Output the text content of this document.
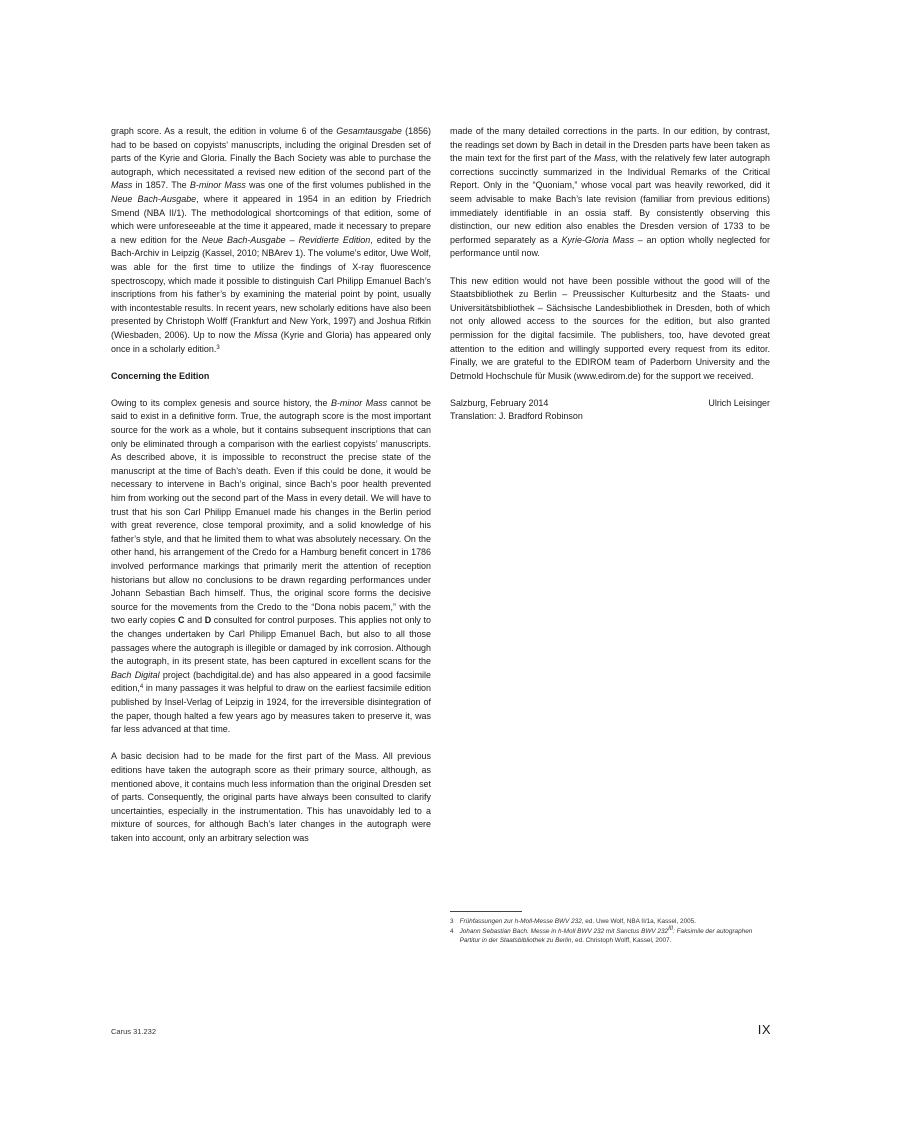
graph score. As a result, the edition in volume 6 of the Gesamtausgabe (1856) had to be based on copyists’ manuscripts, including the original Dresden set of parts of the Kyrie and Gloria. Finally the Bach Society was able to purchase the autograph, which necessitated a revised new edition of the second part of the Mass in 1857. The B-minor Mass was one of the first volumes published in the Neue Bach-Ausgabe, where it appeared in 1954 in an edition by Friedrich Smend (NBA II/1). The methodological shortcomings of that edition, some of which were unforeseeable at the time it appeared, made it necessary to prepare a new edition for the Neue Bach-Ausgabe – Revidierte Edition, edited by the Bach-Archiv in Leipzig (Kassel, 2010; NBArev 1). The volume’s editor, Uwe Wolf, was able for the first time to utilize the findings of X-ray fluorescence spectroscopy, which made it possible to distinguish Carl Philipp Emanuel Bach’s inscriptions from his father’s by examining the material point by point, usually with incontestable results. In recent years, new scholarly editions have also been presented by Christoph Wolff (Frankfurt and New York, 1997) and Joshua Rifkin (Wiesbaden, 2006). Up to now the Missa (Kyrie and Gloria) has appeared only once in a scholarly edition.$^3$

Concerning the Edition

Owing to its complex genesis and source history, the B-minor Mass cannot be said to exist in a definitive form. True, the autograph score is the most important source for the work as a whole, but it contains subsequent inscriptions that can only be eliminated through a comparison with the earliest copyists’ manuscripts. As described above, it is impossible to reconstruct the precise state of the manuscript at the time of Bach’s death. Even if this could be done, it would be necessary to intervene in Bach’s original, since Bach’s poor health prevented him from working out the second part of the Mass in every detail. We will have to trust that his son Carl Philipp Emanuel made his changes in the Berlin period with great reverence, close temporal proximity, and a solid knowledge of his father’s style, and that he limited them to what was absolutely necessary. On the other hand, his arrangement of the Credo for a Hamburg benefit concert in 1786 involved performance markings that primarily merit the attention of reception historians but allow no conclusions to be drawn regarding performances under Johann Sebastian Bach himself. Thus, the original score forms the decisive source for the movements from the Credo to the “Dona nobis pacem,” with the two early copies C and D consulted for control purposes. This applies not only to the changes undertaken by Carl Philipp Emanuel Bach, but also to all those passages where the autograph is illegible or damaged by ink corrosion. Although the autograph, in its present state, has been captured in excellent scans for the Bach Digital project (bachdigital.de) and has also appeared in a good facsimile edition,$^4$ in many passages it was helpful to draw on the earliest facsimile edition published by Insel-Verlag of Leipzig in 1924, for the irreversible disintegration of the paper, though halted a few years ago by measures taken to preserve it, was far less advanced at that time.

A basic decision had to be made for the first part of the Mass. All previous editions have taken the autograph score as their primary source, although, as mentioned above, it contains much less information than the original Dresden set of parts. Consequently, the original parts have always been consulted to clarify uncertainties, especially in the instrumentation. This has unavoidably led to a mixture of sources, for although Bach’s later changes in the autograph were taken into account, only an arbitrary selection was

made of the many detailed corrections in the parts. In our edition, by contrast, the readings set down by Bach in detail in the Dresden parts have been taken as the main text for the first part of the Mass, with the relatively few later autograph corrections succinctly summarized in the Individual Remarks of the Critical Report. Only in the “Quoniam,” whose vocal part was heavily reworked, did it seem advisable to make Bach’s late revision (familiar from previous editions) immediately identifiable in an ossia staff. By consistently observing this distinction, our new edition also enables the Dresden version of 1733 to be performed separately as a Kyrie-Gloria Mass – an option wholly neglected for performance until now.

This new edition would not have been possible without the good will of the Staatsbibliothek zu Berlin – Preussischer Kulturbesitz and the Staats- und Universitätsbibliothek – Sächsische Landesbibliothek in Dresden, both of which not only allowed access to the sources for the edition, but also granted permission for the digital facsimile. The publishers, too, have devoted great attention to the edition and willingly supported every request from its editor. Finally, we are grateful to the EDIROM team of Paderborn University and the Detmold Hochschule für Musik (www.edirom.de) for the support we received.

Salzburg, February 2014	Ulrich Leisinger
Translation: J. Bradford Robinson
3 Frühfassungen zur h-Moll-Messe BWV 232, ed. Uwe Wolf, NBA II/1a, Kassel, 2005.
4 Johann Sebastian Bach. Messe in h-Moll BWV 232 mit Sanctus BWV $232^{III}$: Faksimile der autographen Partitur in der Staatsbibliothek zu Berlin, ed. Christoph Wolff, Kassel, 2007.
Carus 31.232	IX
